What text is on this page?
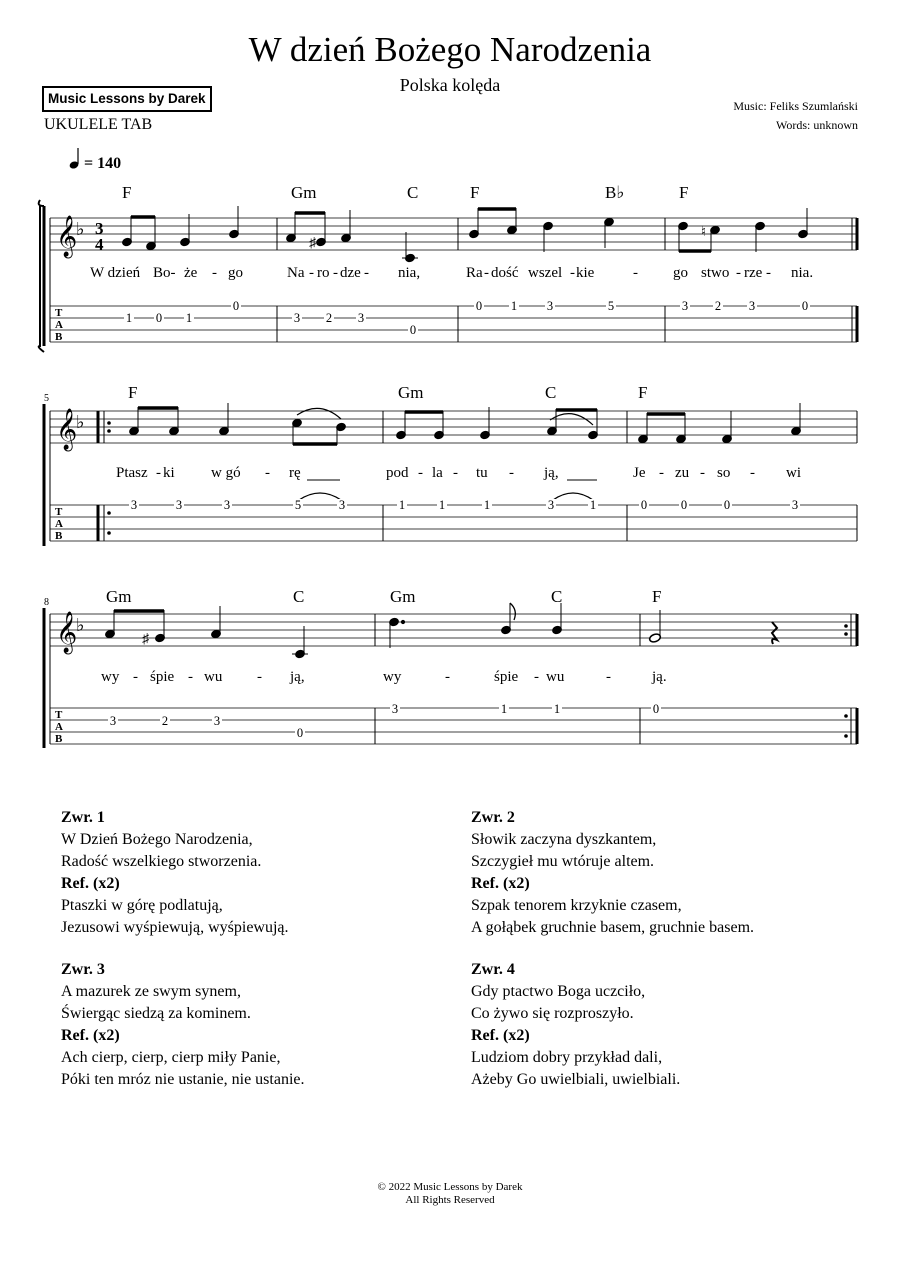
W dzień Bożego Narodzenia
Polska kolęda
Music Lessons by Darek
UKULELE TAB
Music: Feliks Szumlański
Words: unknown
= 140
𝄞
♭ 3
4
T
A
B
F	Gm	C	F	B♭	F
♯
♮
W dzień Bo- że - go	Na - ro - dze - nia,	Ra - dość wszel - kie	- go stwo - rze - nia.
1 0 1
0
3 2 3
0
0 1 3	5	3 2 3	0
5
𝄞
♭
T
A
B
F	Gm	C	F
Ptasz - ki w gó - rę	pod - la - tu - ją,	Je - zu - so - wi
3	3	3	5	3	1	1	1	3	1	0	0	0	3
8
𝄞
♭
T
A
B
Gm	C	Gm	C	F
♯
wy - śpie - wu - ją,	wy	-	śpie - wu	-	ją.
3	2	3
0
3	1	1	0
Zwr. 1
W Dzień Bożego Narodzenia,
Radość wszelkiego stworzenia.
Ref. (x2)
Ptaszki w górę podlatują,
Jezusowi wyśpiewują, wyśpiewują.
Zwr. 2
Słowik zaczyna dyszkantem,
Szczygieł mu wtóruje altem.
Ref. (x2)
Szpak tenorem krzyknie czasem,
A gołąbek gruchnie basem, gruchnie basem.
Zwr. 3
A mazurek ze swym synem,
Świergąc siedzą za kominem.
Ref. (x2)
Ach cierp, cierp, cierp miły Panie,
Póki ten mróz nie ustanie, nie ustanie.
Zwr. 4
Gdy ptactwo Boga uczciło,
Co żywo się rozproszyło.
Ref. (x2)
Ludziom dobry przykład dali,
Ażeby Go uwielbiali, uwielbiali.
© 2022 Music Lessons by Darek
All Rights Reserved
